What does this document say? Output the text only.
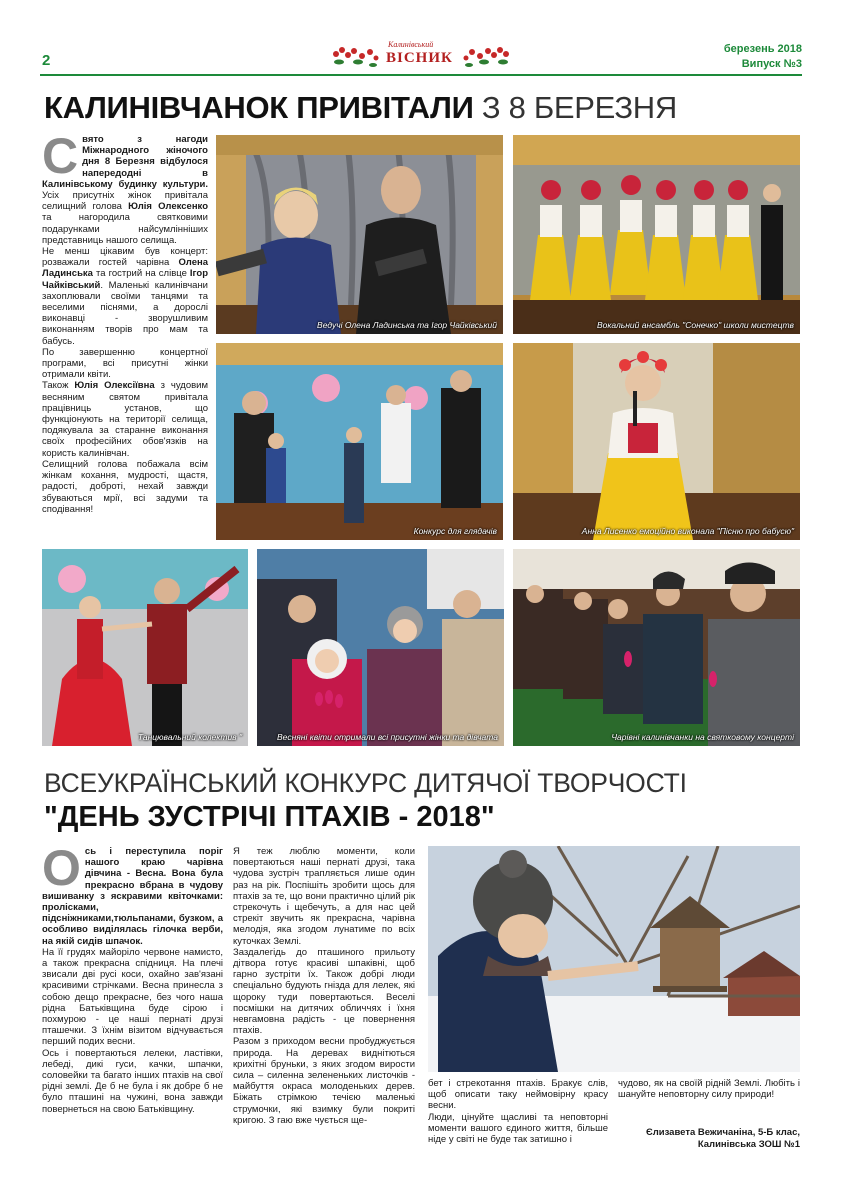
2
Калинівський
ВІСНИК
березень 2018
Випуск №3
КАЛИНІВЧАНОК ПРИВІТАЛИ З 8 БЕРЕЗНЯ

Свято з нагоди Міжнародного жіночого дня 8 Березня відбулося напередодні в Калинівському будинку культури. Усіх присутніх жінок привітала селищний голова Юлія Олексенко та нагородила святковими подарунками найсумлінніших представниць нашого селища.

Не менш цікавим був концерт: розважали гостей чарівна Олена Ладинська та гострий на слівце Ігор Чайківський. Маленькі калинівчани захоплювали своїми танцями та веселими піснями, а дорослі виконавці - зворушливим виконанням творів про мам та бабусь.

По завершенню концертної програми, всі присутні жінки отримали квіти.

Також Юлія Олексіївна з чудовим весняним святом привітала працівниць установ, що функціонують на території селища, подякувала за старанне виконання своїх професійних обов'язків на користь калинівчан.

Селищний голова побажала всім жінкам кохання, мудрості, щастя, радості, доброті, нехай завжди збуваються мрії, всі задуми та сподівання!

Ведучі Олена Ладинська та Ігор Чайківський	Вокальний ансамбль "Сонечко" школи мистецтв
Конкурс для глядачів	Анна Лисенко емоційно виконала "Пісню про бабусю"
Танцювальний колектив "	Весняні квіти отримали всі присутні жінки та дівчата	Чарівні калинівчанки на святковому концерті
ВСЕУКРАЇНСЬКИЙ КОНКУРС ДИТЯЧОЇ ТВОРЧОСТІ
"ДЕНЬ ЗУСТРІЧІ ПТАХІВ - 2018"

Ось і переступила поріг нашого краю чарівна дівчина - Весна. Вона була прекрасно вбрана в чудову вишиванку з яскравими квіточками: пролісками, підсніжниками,тюльпанами, бузком, а особливо виділялась гілочка верби, на якій сидів шпачок.

На її грудях майоріло червоне намисто, а також прекрасна спідниця. На плечі звисали дві русі коси, охайно зав'язані красивими стрічками. Весна принесла з собою дещо прекрасне, без чого наша рідна Батьківщина буде сірою і похмурою - це наші пернаті друзі пташечки. З їхнім візитом відчувається перший подих весни.

Ось і повертаються лелеки, ластівки, лебеді, дикі гуси, качки, шпачки, соловейки та багато інших птахів на свої рідні землі. Де б не була і як добре б не було пташині на чужині, вона завжди повернеться на свою Батьківщину.

Я теж люблю моменти, коли повертаються наші пернаті друзі, така чудова зустріч трапляється лише один раз на рік. Поспішіть зробити щось для птахів за те, що вони практично цілий рік стрекочуть і щебечуть, а для нас цей стрекіт звучить як прекрасна, чарівна мелодія, яка згодом лунатиме по всіх куточках Землі.

Заздалегідь до пташиного прильоту дітвора готує красиві шпаківні, щоб гарно зустріти їх. Також добрі люди спеціально будують гнізда для лелек, які щороку туди повертаються. Веселі посмішки на дитячих обличчях і їхня невгамовна радість - це повернення птахів.

Разом з приходом весни пробуджується природа. На деревах виднітються крихітні бруньки, з яких згодом вирости сила – силенна зелененьких листочків - майбуття окраса молоденьких дерев. Біжать стрімкою течією маленькі струмочки, які взимку були покриті кригою. З гаю вже чується ще-

бет і стрекотання птахів. Бракує слів, щоб описати таку неймовірну красу весни.

Люди, цінуйте щасливі та неповторні моменти вашого єдиного життя, більше ніде у світі не буде так затишно і

чудово, як на своїй рідній Землі. Любіть і шануйте неповторну силу природи!

Єлизавета Вежичаніна, 5-Б клас,
Калинівська ЗОШ №1
